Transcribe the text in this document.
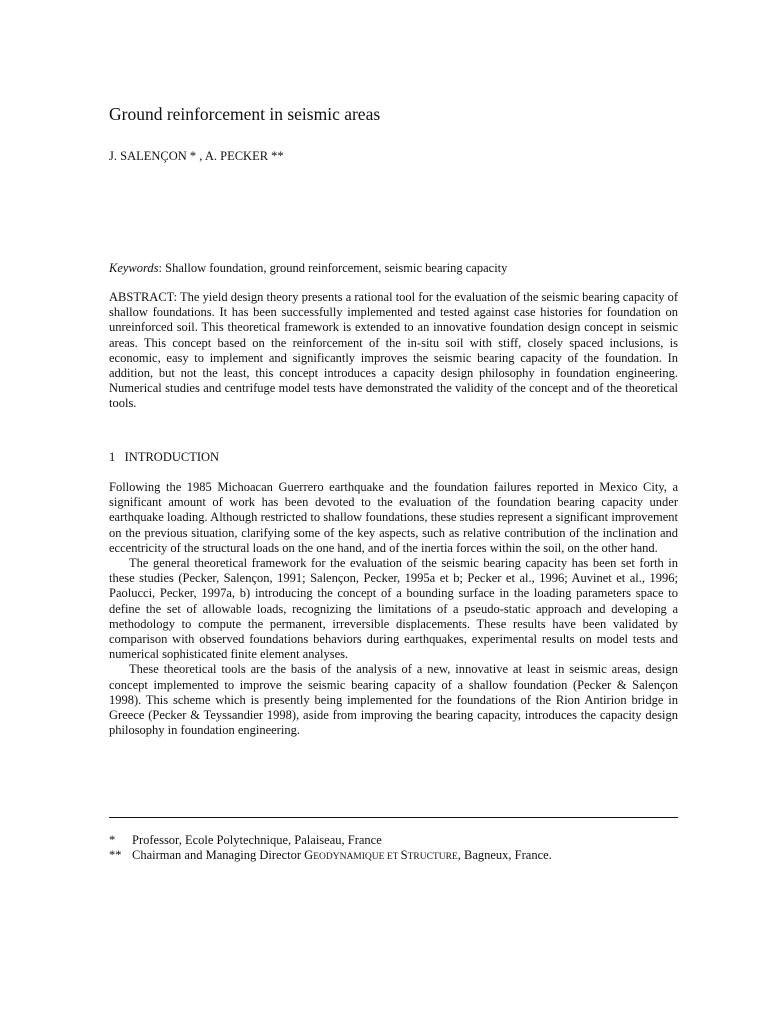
Ground reinforcement in seismic areas
J. SALENÇON * , A. PECKER **
Keywords: Shallow foundation, ground reinforcement, seismic bearing capacity
ABSTRACT: The yield design theory presents a rational tool for the evaluation of the seismic bearing capacity of shallow foundations. It has been successfully implemented and tested against case histories for foundation on unreinforced soil. This theoretical framework is extended to an innovative foundation design concept in seismic areas. This concept based on the reinforcement of the in-situ soil with stiff, closely spaced inclusions, is economic, easy to implement and significantly improves the seismic bearing capacity of the foundation. In addition, but not the least, this concept introduces a capacity design philosophy in foundation engineering. Numerical studies and centrifuge model tests have demonstrated the validity of the concept and of the theoretical tools.
1 INTRODUCTION

Following the 1985 Michoacan Guerrero earthquake and the foundation failures reported in Mexico City, a significant amount of work has been devoted to the evaluation of the foundation bearing capacity under earthquake loading. Although restricted to shallow foundations, these studies represent a significant improvement on the previous situation, clarifying some of the key aspects, such as relative contribution of the inclination and eccentricity of the structural loads on the one hand, and of the inertia forces within the soil, on the other hand.

The general theoretical framework for the evaluation of the seismic bearing capacity has been set forth in these studies (Pecker, Salençon, 1991; Salençon, Pecker, 1995a et b; Pecker et al., 1996; Auvinet et al., 1996; Paolucci, Pecker, 1997a, b) introducing the concept of a bounding surface in the loading parameters space to define the set of allowable loads, recognizing the limitations of a pseudo-static approach and developing a methodology to compute the permanent, irreversible displacements. These results have been validated by comparison with observed foundations behaviors during earthquakes, experimental results on model tests and numerical sophisticated finite element analyses.

These theoretical tools are the basis of the analysis of a new, innovative at least in seismic areas, design concept implemented to improve the seismic bearing capacity of a shallow foundation (Pecker & Salençon 1998). This scheme which is presently being implemented for the foundations of the Rion Antirion bridge in Greece (Pecker & Teyssandier 1998), aside from improving the bearing capacity, introduces the capacity design philosophy in foundation engineering.

* Professor, Ecole Polytechnique, Palaiseau, France
** Chairman and Managing Director GEODYNAMIQUE ET STRUCTURE, Bagneux, France.
